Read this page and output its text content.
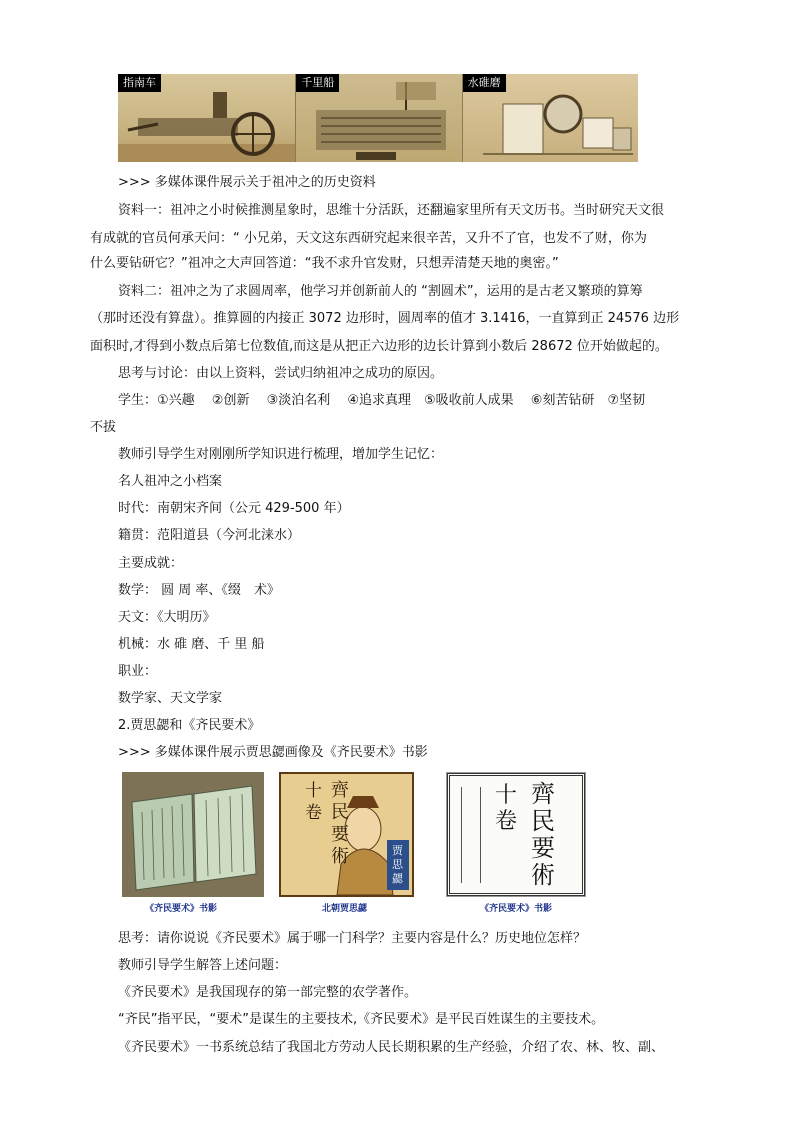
指南车	千里船	水碓磨
>>> 多媒体课件展示关于祖冲之的历史资料
资料一：祖冲之小时候推测星象时，思维十分活跃，还翻遍家里所有天文历书。当时研究天文很
有成就的官员何承天问：“ 小兄弟，天文这东西研究起来很辛苦，又升不了官，也发不了财，你为
什么要钻研它？”祖冲之大声回答道：“我不求升官发财，只想弄清楚天地的奥密。”
资料二：祖冲之为了求圆周率，他学习并创新前人的 “割圆术”，运用的是古老又繁琐的算筹
（那时还没有算盘）。推算圆的内接正 3072 边形时，圆周率的值才 3.1416，一直算到正 24576 边形
面积时,才得到小数点后第七位数值,而这是从把正六边形的边长计算到小数后 28672 位开始做起的。
思考与讨论：由以上资料，尝试归纳祖冲之成功的原因。
学生：①兴趣　 ②创新　 ③淡泊名利　 ④追求真理　⑤吸收前人成果　 ⑥刻苦钻研　⑦坚韧
不拔
教师引导学生对刚刚所学知识进行梳理，增加学生记忆：
名人祖冲之小档案
时代：南朝宋齐间（公元 429-500 年）
籍贯：范阳道县（今河北涞水）
主要成就：
数学： 圆 周 率、《缀　术》
天文：《大明历》
机械：水 碓 磨、千 里 船
职业：
数学家、天文学家
2.贾思勰和《齐民要术》
>>> 多媒体课件展示贾思勰画像及《齐民要术》书影
齊民要術
十卷
贾思勰
齊民要術
十卷
《齐民要术》书影	北朝贾思勰	《齐民要术》书影
思考：请你说说《齐民要术》属于哪一门科学？主要内容是什么？历史地位怎样？
教师引导学生解答上述问题：
《齐民要术》是我国现存的第一部完整的农学著作。
“齐民”指平民，“要术”是谋生的主要技术,《齐民要术》是平民百姓谋生的主要技术。
《齐民要术》一书系统总结了我国北方劳动人民长期积累的生产经验，介绍了农、林、牧、副、
